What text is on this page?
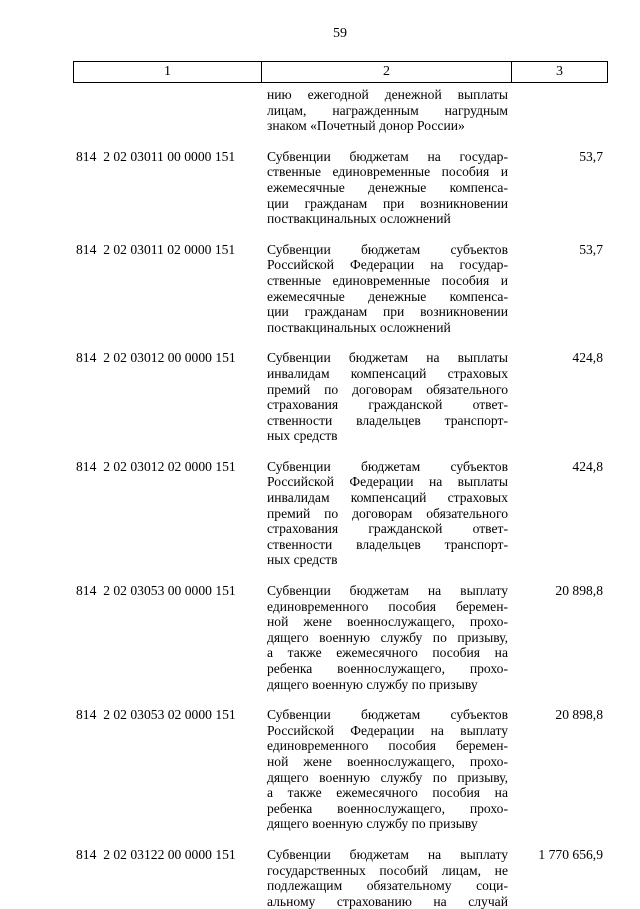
59
1	2	3
нию ежегодной денежной выплаты
лицам, награжденным нагрудным
знаком «Почетный донор России»
814  2 02 03011 00 0000 151 Субвенции бюджетам на государ-
ственные единовременные пособия и
ежемесячные денежные компенса-
ции гражданам при возникновении
поствакцинальных осложнений
53,7
814  2 02 03011 02 0000 151 Субвенции бюджетам субъектов
Российской Федерации на государ-
ственные единовременные пособия и
ежемесячные денежные компенса-
ции гражданам при возникновении
поствакцинальных осложнений
53,7
814  2 02 03012 00 0000 151 Субвенции бюджетам на выплаты
инвалидам компенсаций страховых
премий по договорам обязательного
страхования гражданской ответ-
ственности владельцев транспорт-
ных средств
424,8
814  2 02 03012 02 0000 151 Субвенции бюджетам субъектов
Российской Федерации на выплаты
инвалидам компенсаций страховых
премий по договорам обязательного
страхования гражданской ответ-
ственности владельцев транспорт-
ных средств
424,8
814  2 02 03053 00 0000 151 Субвенции бюджетам на выплату
единовременного пособия беремен-
ной жене военнослужащего, прохо-
дящего военную службу по призыву,
а также ежемесячного пособия на
ребенка военнослужащего, прохо-
дящего военную службу по призыву
20 898,8
814  2 02 03053 02 0000 151 Субвенции бюджетам субъектов
Российской Федерации на выплату
единовременного пособия беремен-
ной жене военнослужащего, прохо-
дящего военную службу по призыву,
а также ежемесячного пособия на
ребенка военнослужащего, прохо-
дящего военную службу по призыву
20 898,8
814  2 02 03122 00 0000 151 Субвенции бюджетам на выплату
государственных пособий лицам, не
подлежащим обязательному соци-
альному страхованию на случай
1 770 656,9
